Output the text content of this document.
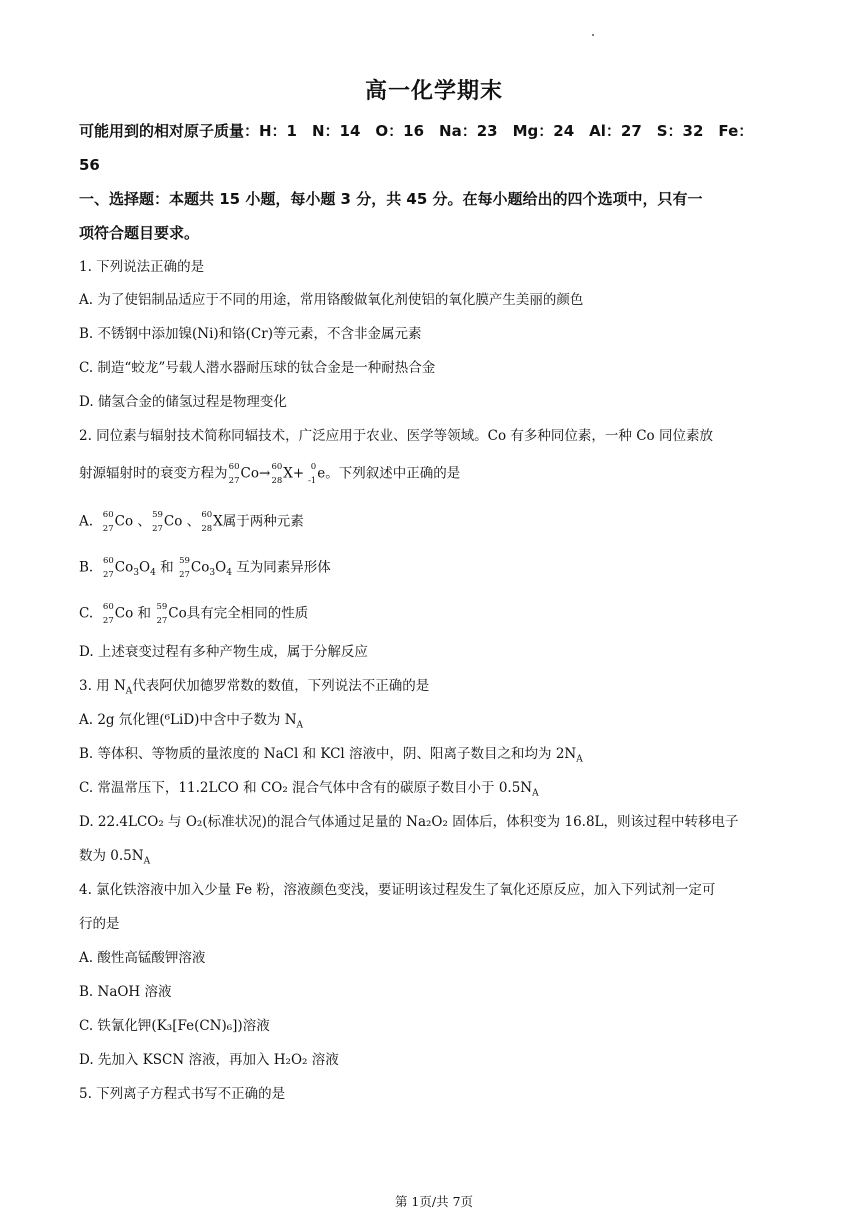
高一化学期末
可能用到的相对原子质量：H：1　N：14　O：16　Na：23　Mg：24　Al：27　S：32　Fe：
56
一、选择题：本题共 15 小题，每小题 3 分，共 45 分。在每小题给出的四个选项中，只有一
项符合题目要求。
1. 下列说法正确的是
A. 为了使铝制品适应于不同的用途，常用铬酸做氧化剂使铝的氧化膜产生美丽的颜色
B. 不锈钢中添加镍(Ni)和铬(Cr)等元素，不含非金属元素
C. 制造“蛟龙”号载人潜水器耐压球的钛合金是一种耐热合金
D. 储氢合金的储氢过程是物理变化
2. 同位素与辐射技术简称同辐技术，广泛应用于农业、医学等领域。Co 有多种同位素，一种 Co 同位素放
射源辐射时的衰变方程为 60
27 Co→ 60
28 X+ 0
-1 e。下列叙述中正确的是
A. 60
27 Co 、 59
27 Co 、 60
28 X属于两种元素
B. 60
27 $Co_3O_4$ 和 59
27 $Co_3O_4$ 互为同素异形体
C. 60
27 Co 和 59
27 Co具有完全相同的性质
D. 上述衰变过程有多种产物生成，属于分解反应
3. 用 $N_A$代表阿伏加德罗常数的数值，下列说法不正确的是
A. 2g 氘化锂(⁶LiD)中含中子数为 $N_A$
B. 等体积、等物质的量浓度的 NaCl 和 KCl 溶液中，阴、阳离子数目之和均为 $2N_A$
C. 常温常压下，11.2LCO 和 CO₂ 混合气体中含有的碳原子数目小于 $0.5N_A$
D. 22.4LCO₂ 与 O₂(标准状况)的混合气体通过足量的 Na₂O₂ 固体后，体积变为 16.8L，则该过程中转移电子
数为 $0.5N_A$
4. 氯化铁溶液中加入少量 Fe 粉，溶液颜色变浅，要证明该过程发生了氧化还原反应，加入下列试剂一定可
行的是
A. 酸性高锰酸钾溶液
B. NaOH 溶液
C. 铁氰化钾(K₃[Fe(CN)₆])溶液
D. 先加入 KSCN 溶液，再加入 H₂O₂ 溶液
5. 下列离子方程式书写不正确的是
第 1页/共 7页
